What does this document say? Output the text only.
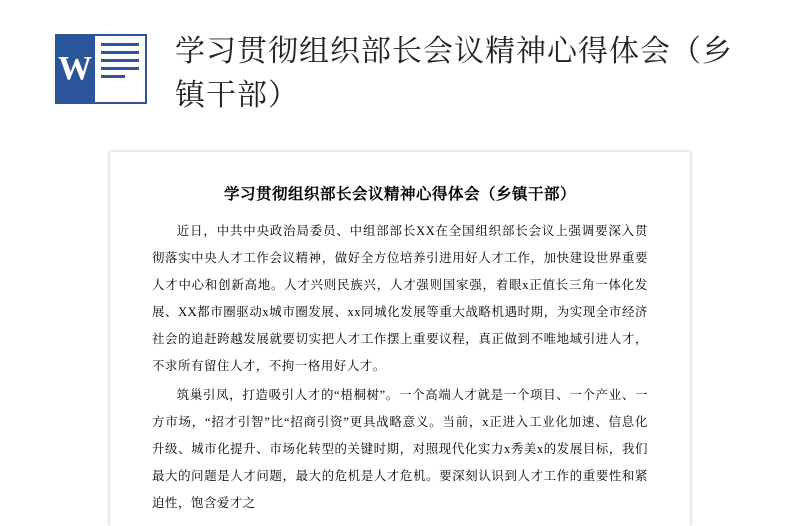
W	学习贯彻组织部长会议精神心得体会（乡镇干部）
学习贯彻组织部长会议精神心得体会（乡镇干部）

近日，中共中央政治局委员、中组部部长XX在全国组织部长会议上强调要深入贯彻落实中央人才工作会议精神，做好全方位培养引进用好人才工作，加快建设世界重要人才中心和创新高地。人才兴则民族兴，人才强则国家强，着眼x正值长三角一体化发展、XX都市圈驱动x城市圈发展、xx同城化发展等重大战略机遇时期，为实现全市经济社会的追赶跨越发展就要切实把人才工作摆上重要议程，真正做到不唯地域引进人才，不求所有留住人才，不拘一格用好人才。

筑巢引凤，打造吸引人才的“梧桐树”。一个高端人才就是一个项目、一个产业、一方市场，“招才引智”比“招商引资”更具战略意义。当前，x正进入工业化加速、信息化升级、城市化提升、市场化转型的关键时期，对照现代化实力x秀美x的发展目标，我们最大的问题是人才问题，最大的危机是人才危机。要深刻认识到人才工作的重要性和紧迫性，饱含爱才之
